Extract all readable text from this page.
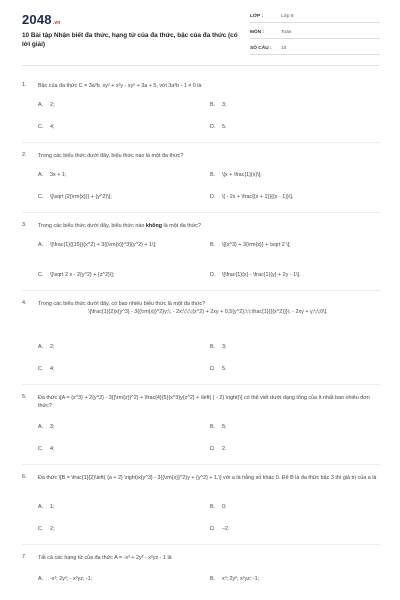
2048.vn
10 Bài tập Nhận biết đa thức, hạng tử của đa thức, bậc của đa thức (có lời giải)
LỚP :	Lớp 8
MÔN :	Toán
SỐ CÂU :	10
1. Bậc của đa thức C = 3a³b. xy² + x²y - xy² + 3a + 5, với 3a³b - 1 ≠ 0 là
A. 2;	B. 3;
C. 4;	D. 5.
2. Trong các biểu thức dưới đây, biểu thức nào là một đa thức?
A. 3x + 1;	B. \[x + \frac{1}{x}\];
C. \[\sqrt {2{\rm{x}}} + {y^2}\];	D. \[ - 2x + \frac{{x + 1}}{{x - 1}}\].
3. Trong các biểu thức dưới đây, biểu thức nào không là một đa thức?
A. \[\frac{1}{{15}}{x^2} + 3{{\rm{x}}^3}{y^2} + 1\];	B. \[{x^3} + 3{\rm{x}} + \sqrt 2 \];
C. \[\sqrt 2 x - 2{y^2} + {z^2}\];	D. \[\frac{1}{x} - \frac{1}{y} + 2y - 1\].
4. Trong các biểu thức dưới đây, có bao nhiêu biểu thức là một đa thức?

\[\frac{1}{2}x{y^3} - 3{{\rm{x}}^2}y;\; - 2x;\;\;\;{x^2} + 2xy + 0,5{y^2};\;\;\frac{1}{{{x^2}}}\; - 2xy + y;\;\;0\].
A. 2;	B. 3;
C. 4;	D. 5.
5. Đa thức \[A = {x^3} + 2{y^2} - 3{{\rm{z}}^2} + \frac{4}{5}{x^3}y{z^2} + \left( { - 2} \right)\] có thể viết dưới dạng tổng của ít nhất bao nhiêu đơn thức?
A. 3;	B. 5;
C. 4;	D. 2.
6. Đa thức \[B = \frac{1}{2}\left( {a + 2} \right)x{y^3} - 3{{\rm{x}}^2}y + {y^2} + 1,\] với a là hằng số khác 0. Để B là đa thức bậc 3 thì giá trị của a là
A. 1;	B. 0;
C. 2;	D. –2.
7. Tất cả các hạng tử của đa thức A = -x³ + 2y² - x²yz - 1 là
A. -x³; 2y²; - x²yz; -1;	B. x³; 2y²; x²yz; -1;
